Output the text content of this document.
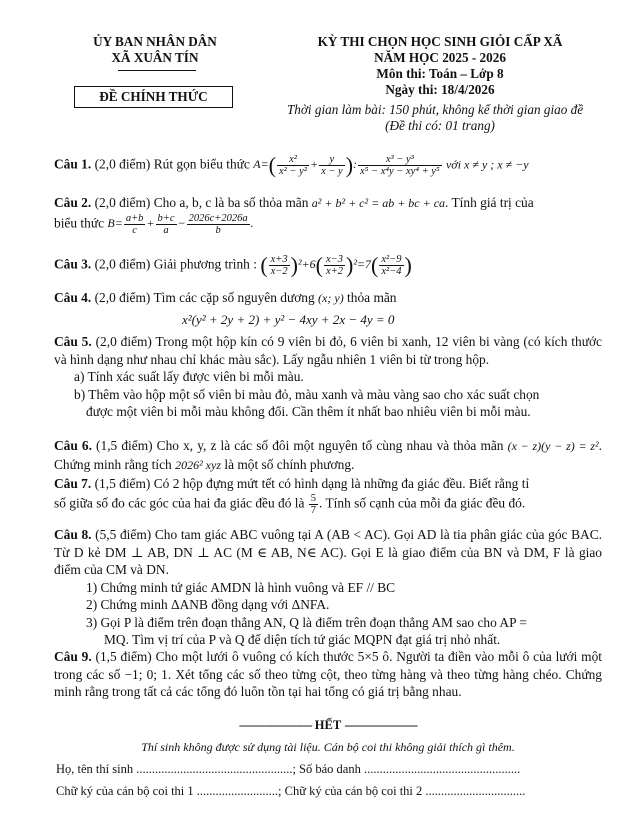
ỦY BAN NHÂN DÂN
XÃ XUÂN TÍN
ĐỀ CHÍNH THỨC
KỲ THI CHỌN HỌC SINH GIỎI CẤP XÃ
NĂM HỌC 2025 - 2026
Môn thi: Toán – Lớp 8
Ngày thi: 18/4/2026
Thời gian làm bài: 150 phút, không kể thời gian giao đề
(Đề thi có: 01 trang)
Câu 1. (2,0 điểm) Rút gọn biểu thức $A=( \frac{\text{x²}}{\text{x² − y²}} + \frac{y}{x - y}$ ): $\frac{\text{x³ − y³}}{\text{x⁵ − x⁴y − xy⁴ + y⁵}}$ với x ≠ y ; x ≠ −y
Câu 2. (2,0 điểm) Cho a, b, c là ba số thỏa mãn a² + b² + c² = ab + bc + ca. Tính giá trị của
biểu thức $B= \frac{a+b}{c} + \frac{b+c}{a} - \frac{2026c+2026a}{b}$ .
Câu 3. (2,0 điểm) Giải phương trình : ( $\frac{x+3}{x-2} )^2+6( \frac{x-3}{x+2} )^2=7( \frac{\text{x²−9}}{\text{x²−4}}$ )
Câu 4. (2,0 điểm) Tìm các cặp số nguyên dương (x; y) thỏa mãn
x²(y² + 2y + 2) + y² − 4xy + 2x − 4y = 0
Câu 5. (2,0 điểm) Trong một hộp kín có 9 viên bi đỏ, 6 viên bi xanh, 12 viên bi vàng (có kích thước và hình dạng như nhau chỉ khác màu sắc). Lấy ngẫu nhiên 1 viên bi từ trong hộp.
a) Tính xác suất lấy được viên bi mỗi màu.
b) Thêm vào hộp một số viên bi màu đỏ, màu xanh và màu vàng sao cho xác suất chọn
được một viên bi mỗi màu không đổi. Cần thêm ít nhất bao nhiêu viên bi mỗi màu.
Câu 6. (1,5 điểm) Cho x, y, z là các số đôi một nguyên tố cùng nhau và thỏa mãn (x − z)(y − z) = z². Chứng minh rằng tích 2026² xyz là một số chính phương.
Câu 7. (1,5 điểm) Có 2 hộp đựng mứt tết có hình dạng là những đa giác đều. Biết rằng tỉ
số giữa số đo các góc của hai đa giác đều đó là $\frac{5}{7}$ . Tính số cạnh của mỗi đa giác đều đó.
Câu 8. (5,5 điểm) Cho tam giác ABC vuông tại A (AB < AC). Gọi AD là tia phân giác của góc BAC. Từ D kẻ DM ⊥ AB, DN ⊥ AC (M ∈ AB, N∈ AC). Gọi E là giao điểm của BN và DM, F là giao điểm của CM và DN.
1) Chứng minh tứ giác AMDN là hình vuông và EF // BC
2) Chứng minh ΔANB đồng dạng với ΔNFA.
3) Gọi P là điểm trên đoạn thẳng AN, Q là điểm trên đoạn thẳng AM sao cho AP =
MQ. Tìm vị trí của P và Q để diện tích tứ giác MQPN đạt giá trị nhỏ nhất.
Câu 9. (1,5 điểm) Cho một lưới ô vuông có kích thước 5×5 ô. Người ta điền vào mỗi ô của lưới một trong các số −1; 0; 1. Xét tổng các số theo từng cột, theo từng hàng và theo từng hàng chéo. Chứng minh rằng trong tất cả các tổng đó luôn tồn tại hai tổng có giá trị bằng nhau.
----------------------- HẾT -----------------------
Thí sinh không được sử dụng tài liệu. Cán bộ coi thi không giải thích gì thêm.
Họ, tên thí sinh ..................................................; Số báo danh ..................................................
Chữ ký của cán bộ coi thi 1 ..........................; Chữ ký của cán bộ coi thi 2 ................................
